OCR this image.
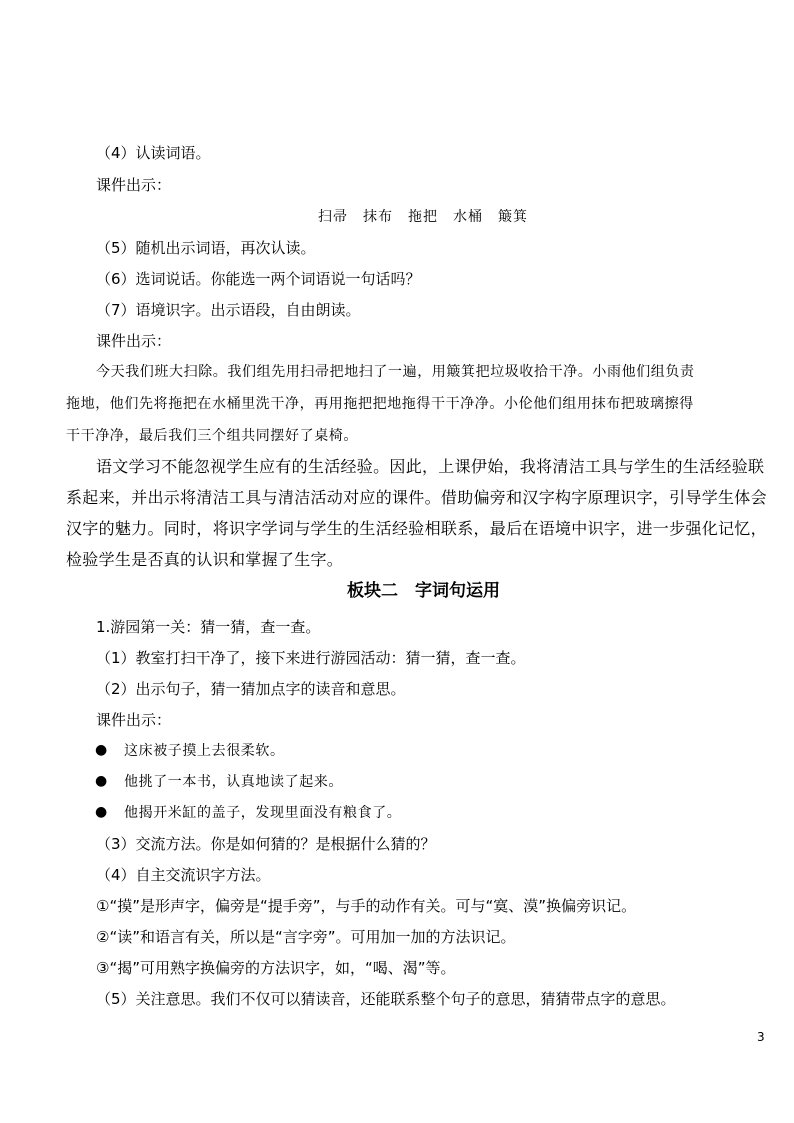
（4）认读词语。
课件出示：
扫帚　抹布　拖把　水桶　簸箕
（5）随机出示词语，再次认读。
（6）选词说话。你能选一两个词语说一句话吗？
（7）语境识字。出示语段，自由朗读。
课件出示：
今天我们班大扫除。我们组先用扫帚把地扫了一遍，用簸箕把垃圾收拾干净。小雨他们组负责
拖地，他们先将拖把在水桶里洗干净，再用拖把把地拖得干干净净。小伦他们组用抹布把玻璃擦得
干干净净，最后我们三个组共同摆好了桌椅。
语文学习不能忽视学生应有的生活经验。因此，上课伊始，我将清洁工具与学生的生活经验联
系起来，并出示将清洁工具与清洁活动对应的课件。借助偏旁和汉字构字原理识字，引导学生体会
汉字的魅力。同时，将识字学词与学生的生活经验相联系，最后在语境中识字，进一步强化记忆，
检验学生是否真的认识和掌握了生字。
板块二　字词句运用
1.游园第一关：猜一猜，查一查。
（1）教室打扫干净了，接下来进行游园活动：猜一猜，查一查。
（2）出示句子，猜一猜加点字的读音和意思。
课件出示：
● 这床被子摸上去很柔软。
● 他挑了一本书，认真地读了起来。
● 他揭开米缸的盖子，发现里面没有粮食了。
（3）交流方法。你是如何猜的？是根据什么猜的？
（4）自主交流识字方法。
①“摸”是形声字，偏旁是“提手旁”，与手的动作有关。可与“寞、漠”换偏旁识记。
②“读”和语言有关，所以是“言字旁”。可用加一加的方法识记。
③“揭”可用熟字换偏旁的方法识字，如，“喝、渴”等。
（5）关注意思。我们不仅可以猜读音，还能联系整个句子的意思，猜猜带点字的意思。
3
